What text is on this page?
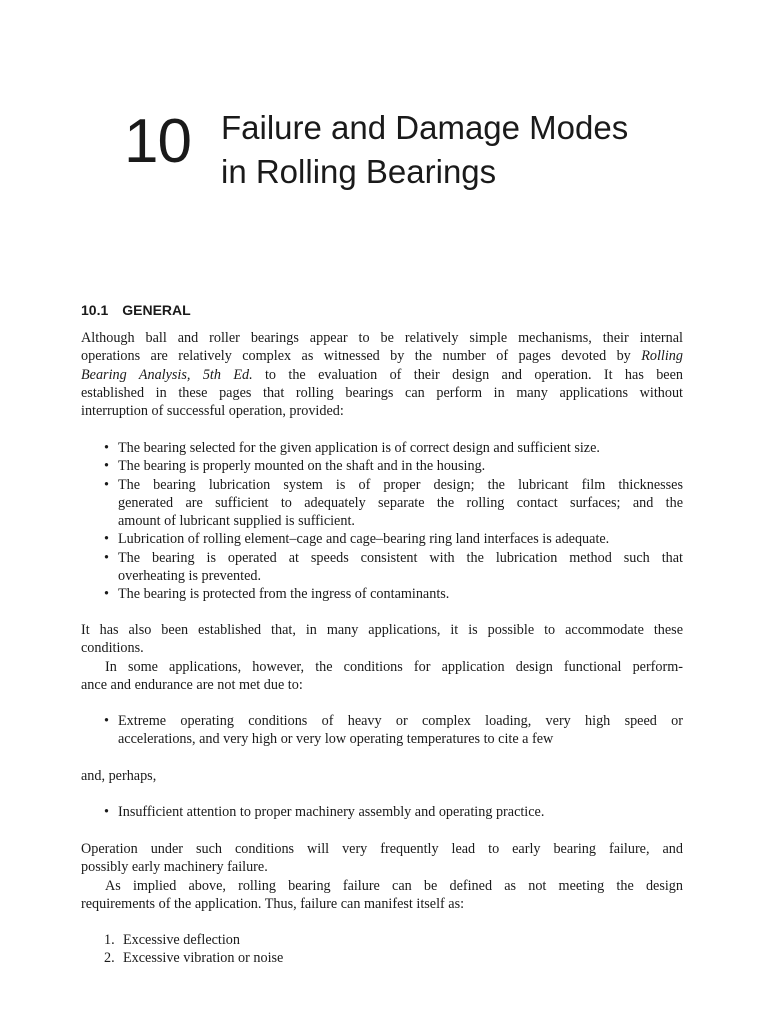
10 Failure and Damage Modes
in Rolling Bearings
10.1 GENERAL

Although ball and roller bearings appear to be relatively simple mechanisms, their internal
operations are relatively complex as witnessed by the number of pages devoted by Rolling
Bearing Analysis, 5th Ed. to the evaluation of their design and operation. It has been
established in these pages that rolling bearings can perform in many applications without
interruption of successful operation, provided:

• The bearing selected for the given application is of correct design and sufficient size.
• The bearing is properly mounted on the shaft and in the housing.
• The bearing lubrication system is of proper design; the lubricant film thicknesses
generated are sufficient to adequately separate the rolling contact surfaces; and the
amount of lubricant supplied is sufficient.
• Lubrication of rolling element–cage and cage–bearing ring land interfaces is adequate.
• The bearing is operated at speeds consistent with the lubrication method such that
overheating is prevented.
• The bearing is protected from the ingress of contaminants.

It has also been established that, in many applications, it is possible to accommodate these
conditions.
In some applications, however, the conditions for application design functional perform-
ance and endurance are not met due to:

• Extreme operating conditions of heavy or complex loading, very high speed or
accelerations, and very high or very low operating temperatures to cite a few

and, perhaps,

• Insufficient attention to proper machinery assembly and operating practice.

Operation under such conditions will very frequently lead to early bearing failure, and
possibly early machinery failure.
As implied above, rolling bearing failure can be defined as not meeting the design
requirements of the application. Thus, failure can manifest itself as:

1. Excessive deflection
2. Excessive vibration or noise
